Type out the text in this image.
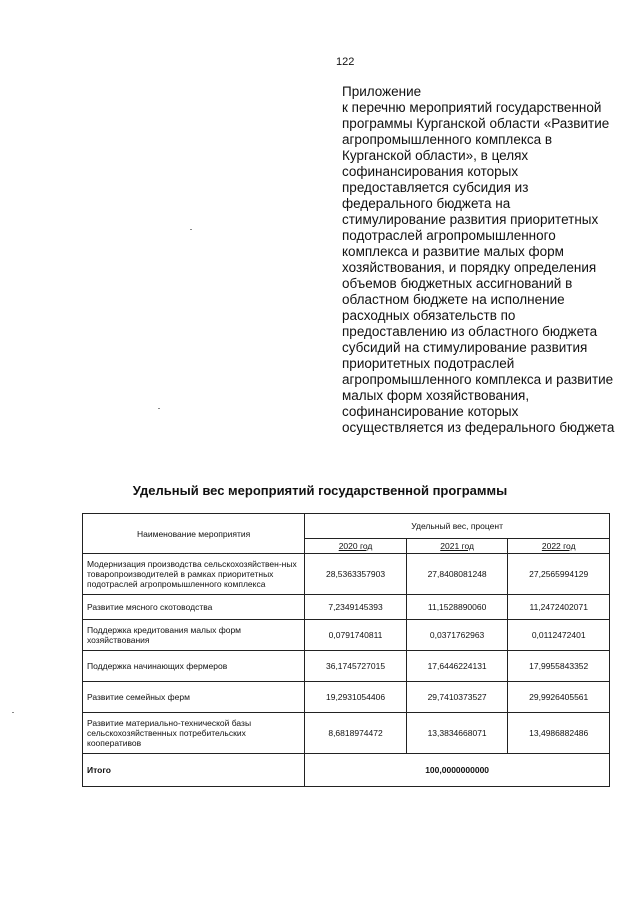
122
Приложение
к перечню мероприятий государственной программы Курганской области «Развитие агропромышленного комплекса в Курганской области», в целях софинансирования которых предоставляется субсидия из федерального бюджета на стимулирование развития приоритетных подотраслей агропромышленного комплекса и развитие малых форм хозяйствования, и порядку определения объемов бюджетных ассигнований в областном бюджете на исполнение расходных обязательств по предоставлению из областного бюджета субсидий на стимулирование развития приоритетных подотраслей агропромышленного комплекса и развитие малых форм хозяйствования, софинансирование которых осуществляется из федерального бюджета
Удельный вес мероприятий государственной программы
Наименование мероприятия	Удельный вес, процент		
	2020 год	2021 год	2022 год
Модернизация производства сельскохозяйствен-ных товаропроизводителей в рамках приоритетных подотраслей агропромышленного комплекса	28,5363357903	27,8408081248	27,2565994129
Развитие мясного скотоводства	7,2349145393	11,1528890060	11,2472402071
Поддержка кредитования малых форм хозяйствования	0,0791740811	0,0371762963	0,0112472401
Поддержка начинающих фермеров	36,1745727015	17,6446224131	17,9955843352
Развитие семейных ферм	19,2931054406	29,7410373527	29,9926405561
Развитие материально-технической базы сельскохозяйственных потребительских кооперативов	8,6818974472	13,3834668071	13,4986882486
Итого	100,0000000000		
